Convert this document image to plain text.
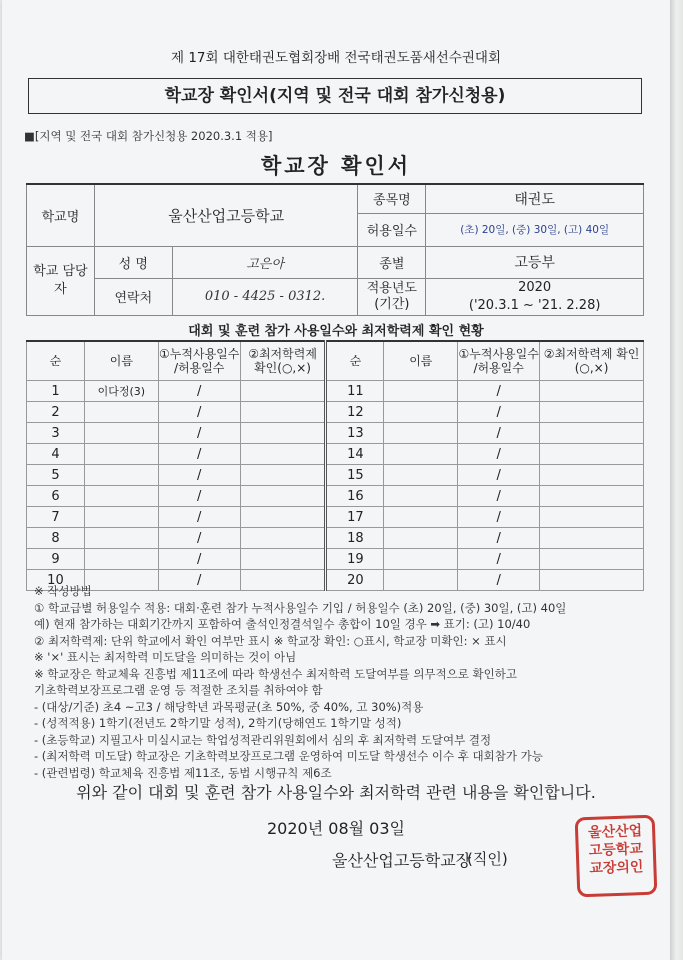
제 17회 대한태권도협회장배 전국태권도품새선수권대회
학교장 확인서(지역 및 전국 대회 참가신청용)
■[지역 및 전국 대회 참가신청용 2020.3.1 적용]
학교장 확인서
학교명	울산산업고등학교		종목명	태권도
			허용일수	(초) 20일, (중) 30일, (고) 40일
학교 담당자	성 명	고은아	종별	고등부
	연락처	010 - 4425 - 0312.	적용년도 (기간)	2020
('20.3.1 ~ '21. 2.28)
대회 및 훈련 참가 사용일수와 최저학력제 확인 현황
순	이름	①누적사용일수 /허용일수	②최저학력제 확인(○,×)	순	이름	①누적사용일수 /허용일수	②최저학력제 확인(○,×)
1	이다정(3)	/		11		/	
2		/		12		/	
3		/		13		/	
4		/		14		/	
5		/		15		/	
6		/		16		/	
7		/		17		/	
8		/		18		/	
9		/		19		/	
10		/		20		/	
※ 작성방법
① 학교급별 허용일수 적용: 대회·훈련 참가 누적사용일수 기입 / 허용일수 (초) 20일, (중) 30일, (고) 40일
예) 현재 참가하는 대회기간까지 포함하여 출석인정결석일수 총합이 10일 경우 ➡ 표기: (고) 10/40
② 최저학력제: 단위 학교에서 확인 여부만 표시 ※ 학교장 확인: ○표시, 학교장 미확인: × 표시
※ '×' 표시는 최저학력 미도달을 의미하는 것이 아님
※ 학교장은 학교체육 진흥법 제11조에 따라 학생선수 최저학력 도달여부를 의무적으로 확인하고
기초학력보장프로그램 운영 등 적절한 조치를 취하여야 함
- (대상/기준) 초4 ~고3 / 해당학년 과목평균(초 50%, 중 40%, 고 30%)적용
- (성적적용) 1학기(전년도 2학기말 성적), 2학기(당해연도 1학기말 성적)
- (초등학교) 지필고사 미실시교는 학업성적관리위원회에서 심의 후 최저학력 도달여부 결정
- (최저학력 미도달) 학교장은 기초학력보장프로그램 운영하여 미도달 학생선수 이수 후 대회참가 가능
- (관련법령) 학교체육 진흥법 제11조, 동법 시행규칙 제6조
위와 같이 대회 및 훈련 참가 사용일수와 최저학력 관련 내용을 확인합니다.
2020년 08월 03일
울산산업고등학교장
(직인)
울산산업
고등학교
교장의인
